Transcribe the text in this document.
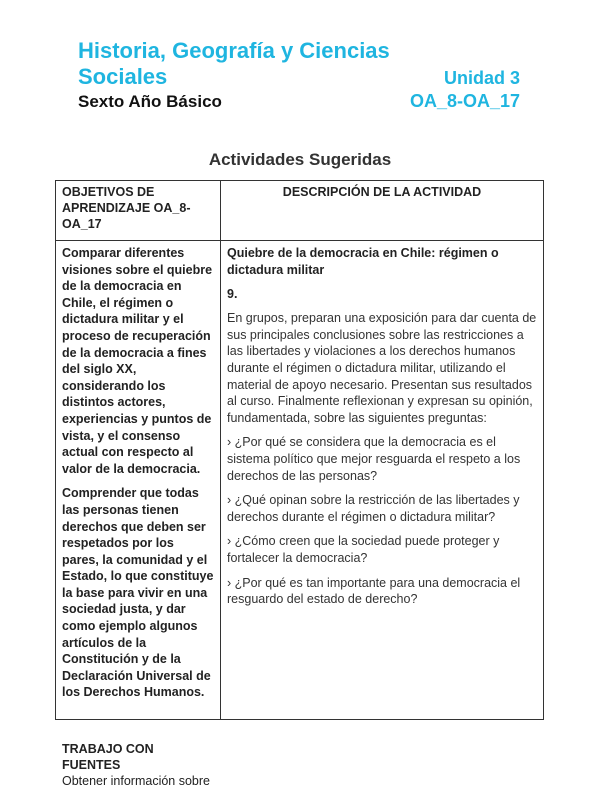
Historia, Geografía y Ciencias
Sociales	Unidad 3
Sexto Año Básico	OA_8-OA_17
Actividades Sugeridas
OBJETIVOS DE APRENDIZAJE OA_8-OA_17
DESCRIPCIÓN DE LA ACTIVIDAD

Comparar diferentes visiones sobre el quiebre de la democracia en Chile, el régimen o dictadura militar y el proceso de recuperación de la democracia a fines del siglo XX, considerando los distintos actores, experiencias y puntos de vista, y el consenso actual con respecto al valor de la democracia.

Comprender que todas las personas tienen derechos que deben ser respetados por los pares, la comunidad y el Estado, lo que constituye la base para vivir en una sociedad justa, y dar como ejemplo algunos artículos de la Constitución y de la Declaración Universal de los Derechos Humanos.

TRABAJO CON FUENTES

Obtener información sobre

Quiebre de la democracia en Chile: régimen o dictadura militar

9.

En grupos, preparan una exposición para dar cuenta de sus principales conclusiones sobre las restricciones a las libertades y violaciones a los derechos humanos durante el régimen o dictadura militar, utilizando el material de apoyo necesario. Presentan sus resultados al curso. Finalmente reflexionan y expresan su opinión, fundamentada, sobre las siguientes preguntas:

› ¿Por qué se considera que la democracia es el sistema político que mejor resguarda el respeto a los derechos de las personas?

› ¿Qué opinan sobre la restricción de las libertades y derechos durante el régimen o dictadura militar?

› ¿Cómo creen que la sociedad puede proteger y fortalecer la democracia?

› ¿Por qué es tan importante para una democracia el resguardo del estado de derecho?
